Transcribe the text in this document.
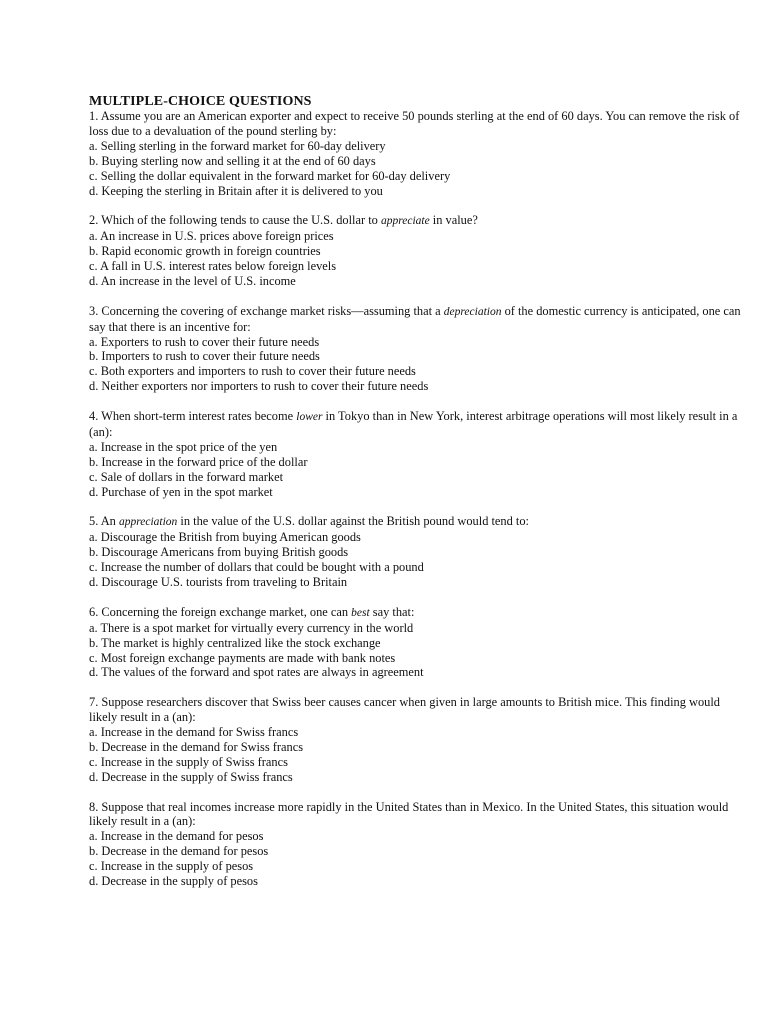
MULTIPLE-CHOICE QUESTIONS

1. Assume you are an American exporter and expect to receive 50 pounds sterling at the end of 60 days. You can remove the risk of loss due to a devaluation of the pound sterling by:

a. Selling sterling in the forward market for 60-day delivery

b. Buying sterling now and selling it at the end of 60 days

c. Selling the dollar equivalent in the forward market for 60-day delivery

d. Keeping the sterling in Britain after it is delivered to you

2. Which of the following tends to cause the U.S. dollar to appreciate in value?

a. An increase in U.S. prices above foreign prices

b. Rapid economic growth in foreign countries

c. A fall in U.S. interest rates below foreign levels

d. An increase in the level of U.S. income

3. Concerning the covering of exchange market risks—assuming that a depreciation of the domestic currency is anticipated, one can say that there is an incentive for:

a. Exporters to rush to cover their future needs

b. Importers to rush to cover their future needs

c. Both exporters and importers to rush to cover their future needs

d. Neither exporters nor importers to rush to cover their future needs

4. When short-term interest rates become lower in Tokyo than in New York, interest arbitrage operations will most likely result in a (an):

a. Increase in the spot price of the yen

b. Increase in the forward price of the dollar

c. Sale of dollars in the forward market

d. Purchase of yen in the spot market

5. An appreciation in the value of the U.S. dollar against the British pound would tend to:

a. Discourage the British from buying American goods

b. Discourage Americans from buying British goods

c. Increase the number of dollars that could be bought with a pound

d. Discourage U.S. tourists from traveling to Britain

6. Concerning the foreign exchange market, one can best say that:

a. There is a spot market for virtually every currency in the world

b. The market is highly centralized like the stock exchange

c. Most foreign exchange payments are made with bank notes

d. The values of the forward and spot rates are always in agreement

7. Suppose researchers discover that Swiss beer causes cancer when given in large amounts to British mice. This finding would likely result in a (an):

a. Increase in the demand for Swiss francs

b. Decrease in the demand for Swiss francs

c. Increase in the supply of Swiss francs

d. Decrease in the supply of Swiss francs

8. Suppose that real incomes increase more rapidly in the United States than in Mexico. In the United States, this situation would likely result in a (an):

a. Increase in the demand for pesos

b. Decrease in the demand for pesos

c. Increase in the supply of pesos

d. Decrease in the supply of pesos
